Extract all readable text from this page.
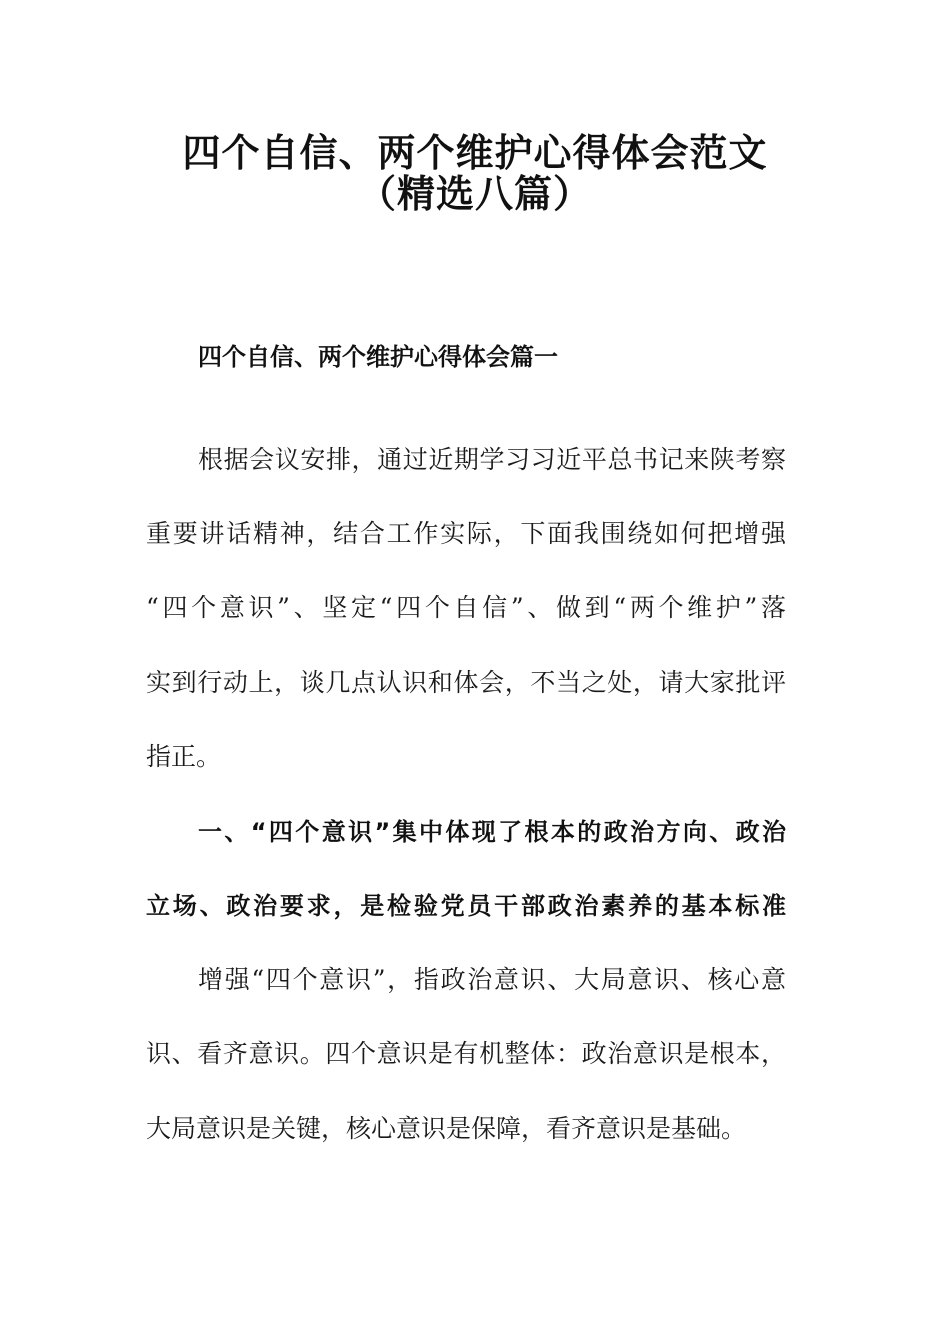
四个自信、两个维护心得体会范文
（精选八篇）
四个自信、两个维护心得体会篇一
根据会议安排，通过近期学习习近平总书记来陕考察
重要讲话精神，结合工作实际，下面我围绕如何把增强
“四个意识”、坚定“四个自信”、做到“两个维护”落
实到行动上，谈几点认识和体会，不当之处，请大家批评
指正。
一、“四个意识”集中体现了根本的政治方向、政治
立场、政治要求，是检验党员干部政治素养的基本标准
增强“四个意识”，指政治意识、大局意识、核心意
识、看齐意识。四个意识是有机整体：政治意识是根本，
大局意识是关键，核心意识是保障，看齐意识是基础。
